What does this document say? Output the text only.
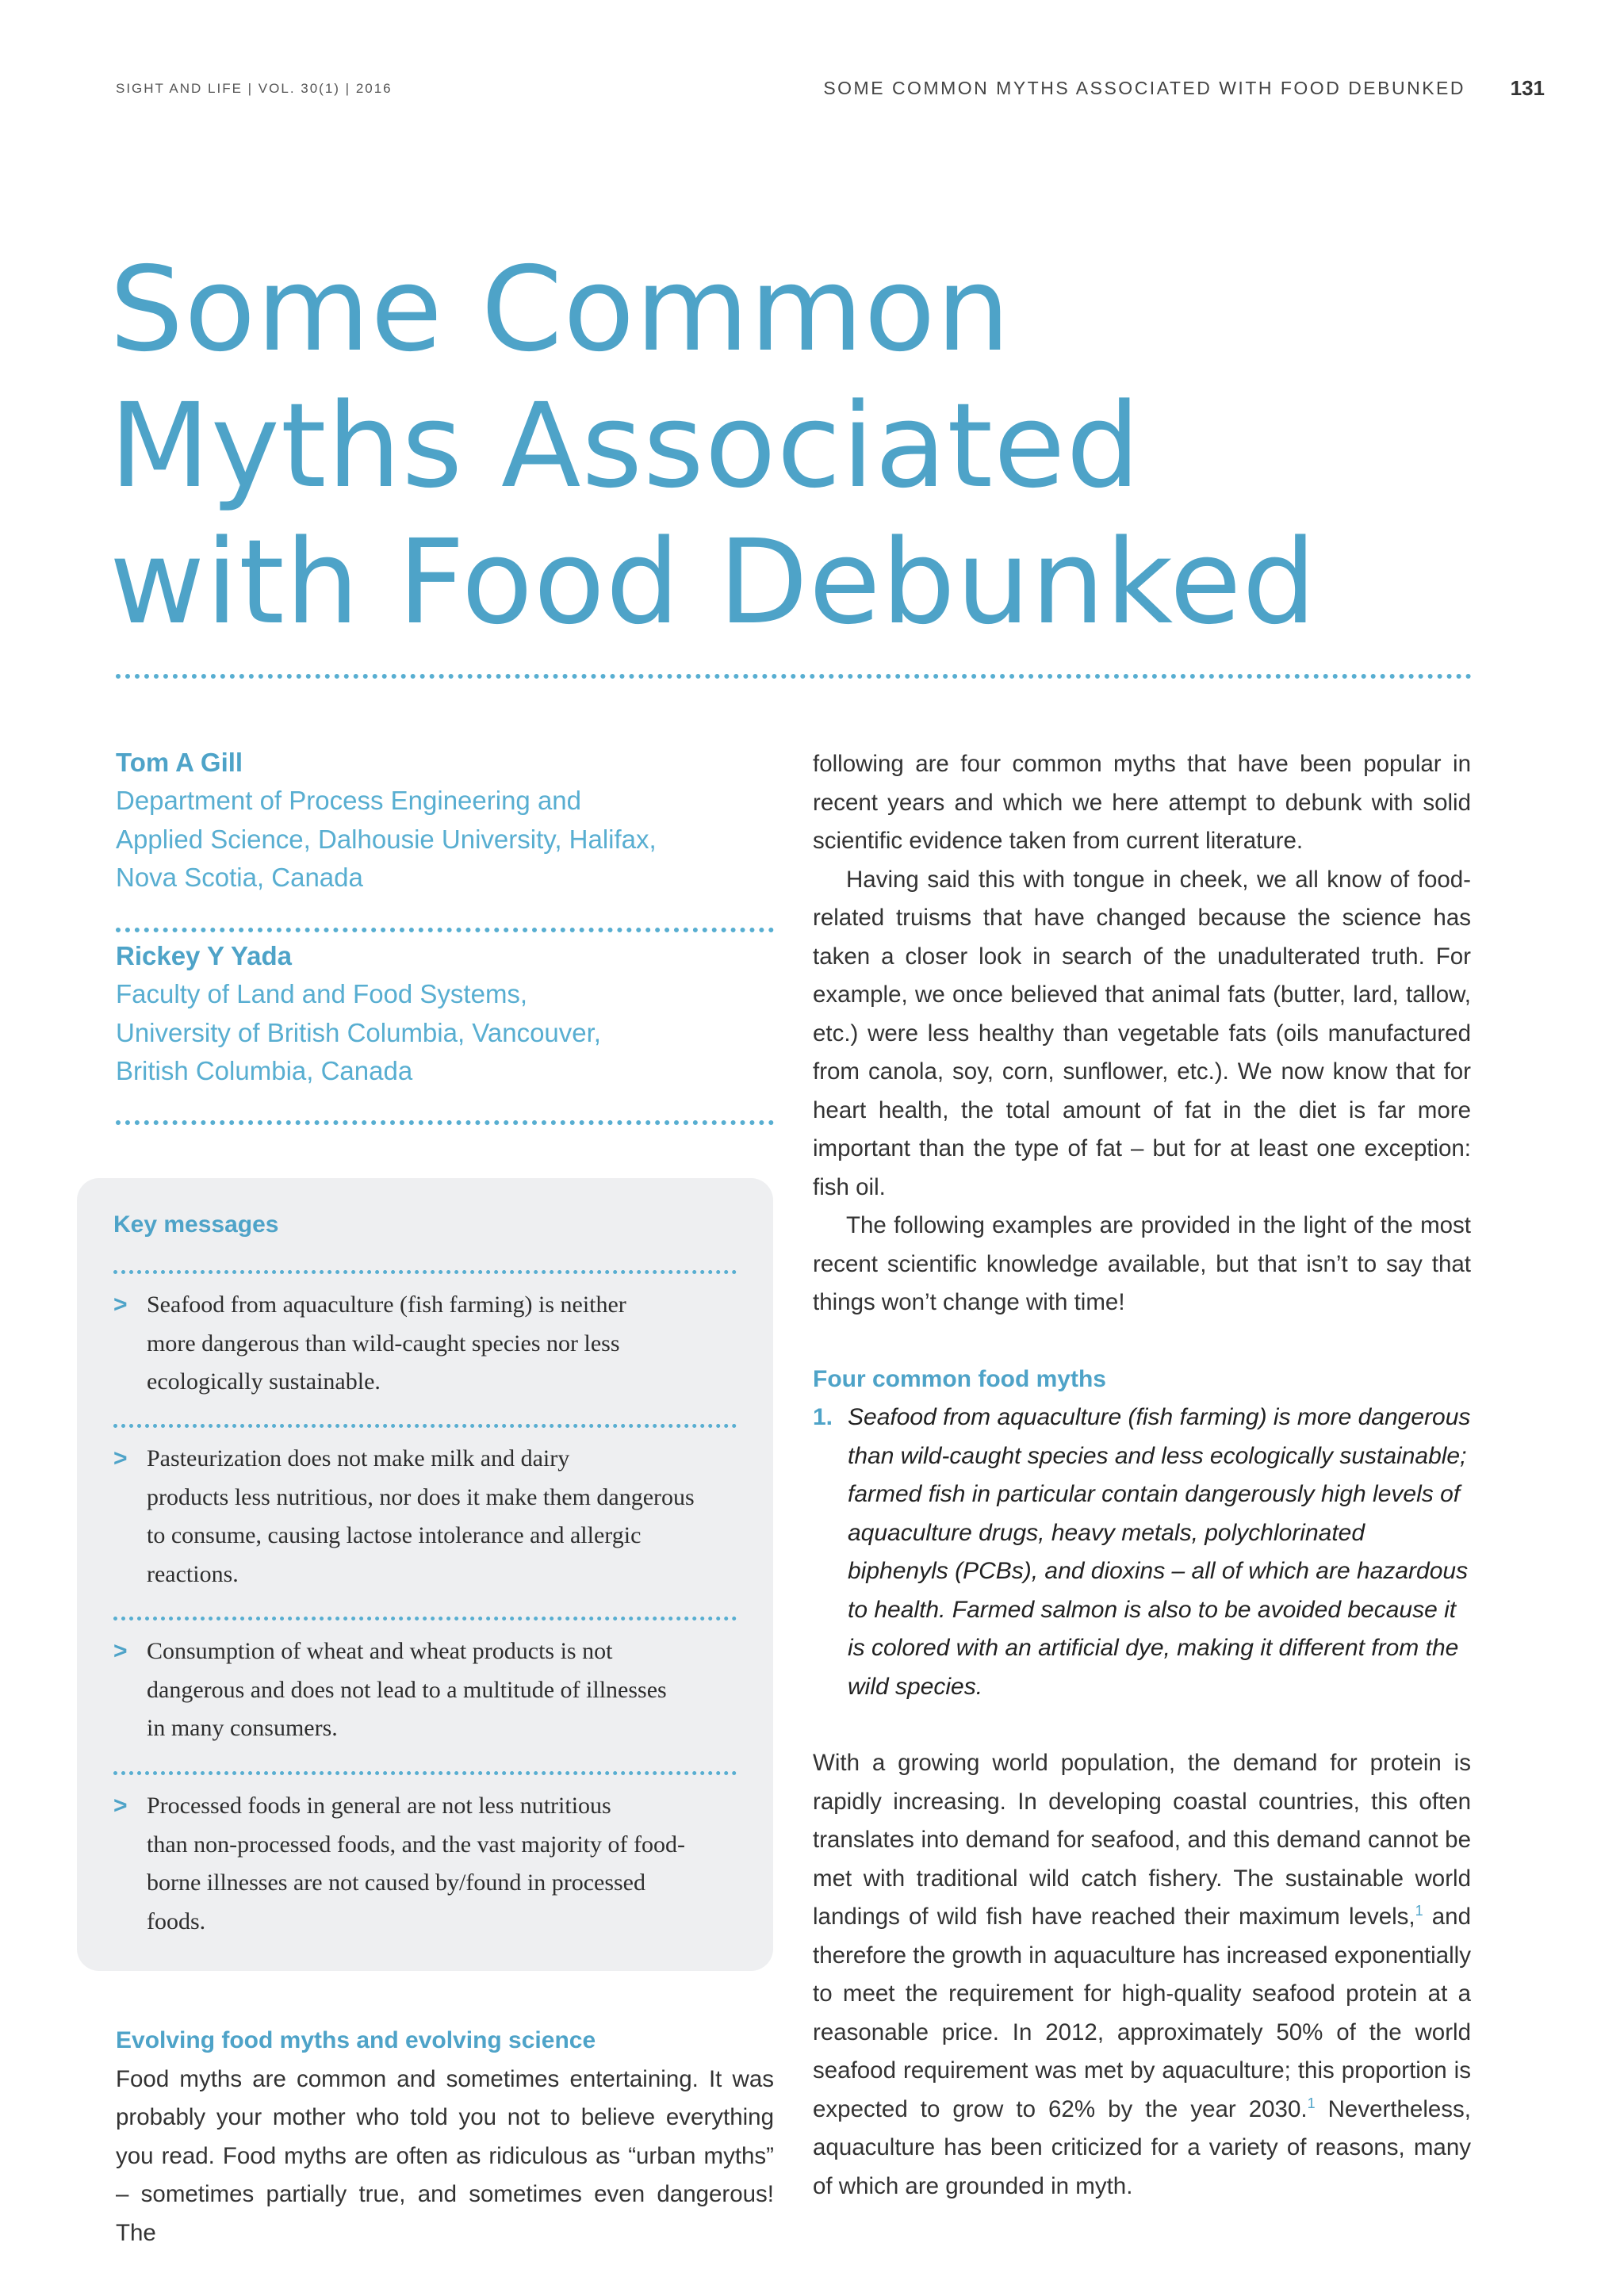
SIGHT AND LIFE | VOL. 30(1) | 2016	SOME COMMON MYTHS ASSOCIATED WITH FOOD DEBUNKED 131
Some Common
Myths Associated
with Food Debunked
Tom A Gill
Department of Process Engineering and
Applied Science, Dalhousie University, Halifax,
Nova Scotia, Canada
Rickey Y Yada
Faculty of Land and Food Systems,
University of British Columbia, Vancouver,
British Columbia, Canada
Key messages
> Seafood from aquaculture (fish farming) is neither
more dangerous than wild-caught species nor less
ecologically sustainable.

> Pasteurization does not make milk and dairy
products less nutritious, nor does it make them dangerous
to consume, causing lactose intolerance and allergic
reactions.

> Consumption of wheat and wheat products is not
dangerous and does not lead to a multitude of illnesses
in many consumers.

> Processed foods in general are not less nutritious
than non-processed foods, and the vast majority of food-
borne illnesses are not caused by/found in processed
foods.

Evolving food myths and evolving science

Food myths are common and sometimes entertaining. It was probably your mother who told you not to believe everything you read. Food myths are often as ridiculous as “urban myths” – sometimes partially true, and sometimes even dangerous! The

following are four common myths that have been popular in recent years and which we here attempt to debunk with solid scientific evidence taken from current literature.

Having said this with tongue in cheek, we all know of food-related truisms that have changed because the science has taken a closer look in search of the unadulterated truth. For example, we once believed that animal fats (butter, lard, tallow, etc.) were less healthy than vegetable fats (oils manufactured from canola, soy, corn, sunflower, etc.). We now know that for heart health, the total amount of fat in the diet is far more important than the type of fat – but for at least one exception: fish oil.

The following examples are provided in the light of the most recent scientific knowledge available, but that isn’t to say that things won’t change with time!

Four common food myths
1. Seafood from aquaculture (fish farming) is more dangerous than wild-caught species and less ecologically sustainable; farmed fish in particular contain dangerously high levels of aquaculture drugs, heavy metals, polychlorinated biphenyls (PCBs), and dioxins – all of which are hazardous to health. Farmed salmon is also to be avoided because it is colored with an artificial dye, making it different from the wild species.

With a growing world population, the demand for protein is rapidly increasing. In developing coastal countries, this often translates into demand for seafood, and this demand cannot be met with traditional wild catch fishery. The sustainable world landings of wild fish have reached their maximum levels,$^1$ and therefore the growth in aquaculture has increased exponentially to meet the requirement for high-quality seafood protein at a reasonable price. In 2012, approximately 50% of the world seafood requirement was met by aquaculture; this proportion is expected to grow to 62% by the year 2030.$^1$ Nevertheless, aquaculture has been criticized for a variety of reasons, many of which are grounded in myth.
